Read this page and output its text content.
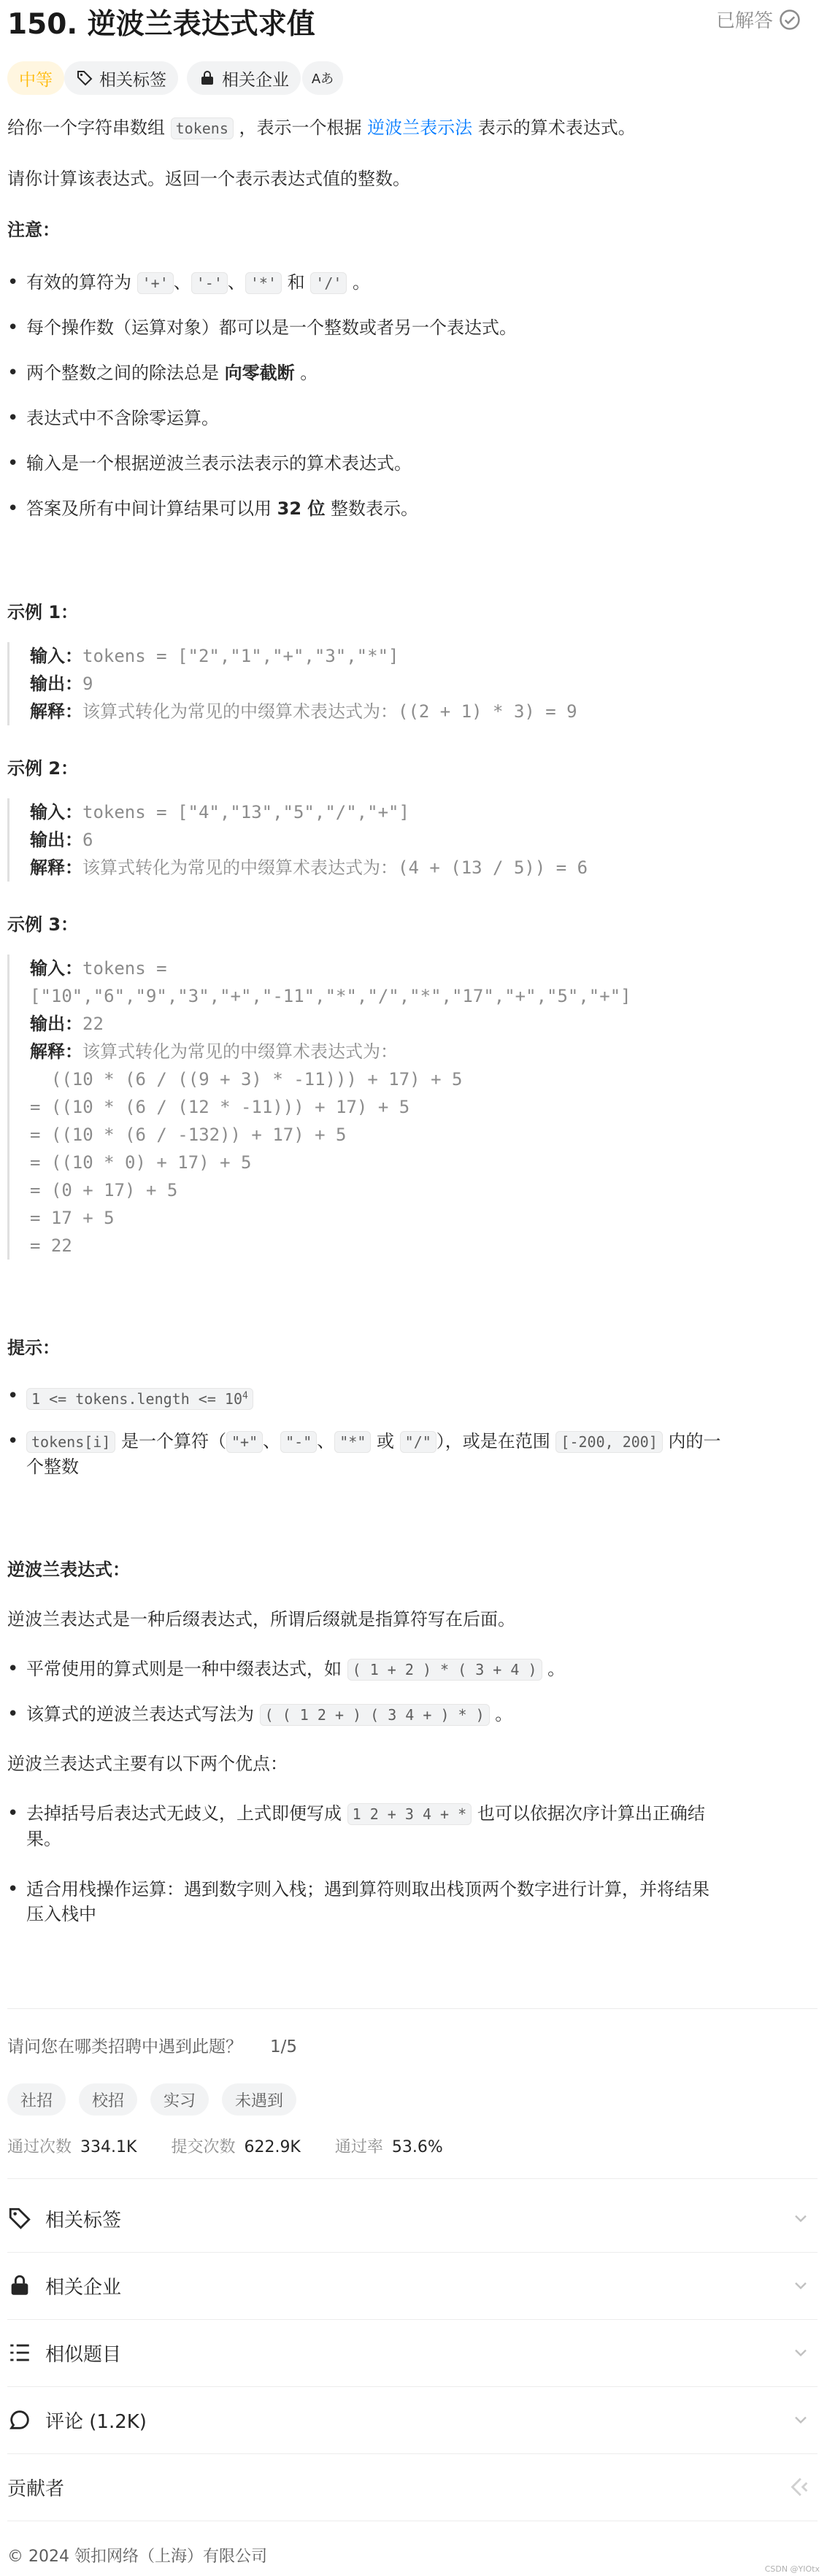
150. 逆波兰表达式求值	已解答
中等	相关标签	相关企业 Aあ
给你一个字符串数组 tokens ，表示一个根据 逆波兰表示法 表示的算术表达式。
请你计算该表达式。返回一个表示表达式值的整数。
注意：
• 有效的算符为 '+' 、 '-' 、 '*' 和 '/' 。
• 每个操作数（运算对象）都可以是一个整数或者另一个表达式。
• 两个整数之间的除法总是 向零截断 。
• 表达式中不含除零运算。
• 输入是一个根据逆波兰表示法表示的算术表达式。
• 答案及所有中间计算结果可以用 32 位 整数表示。
示例 1：
输入：tokens = ["2","1","+","3","*"]
输出：9
解释：该算式转化为常见的中缀算术表达式为：((2 + 1) * 3) = 9
示例 2：
输入：tokens = ["4","13","5","/","+"]
输出：6
解释：该算式转化为常见的中缀算术表达式为：(4 + (13 / 5)) = 6
示例 3：
输入：tokens =
["10","6","9","3","+","-11","*","/","*","17","+","5","+"]
输出：22
解释：该算式转化为常见的中缀算术表达式为：
((10 * (6 / ((9 + 3) * -11))) + 17) + 5
= ((10 * (6 / (12 * -11))) + 17) + 5
= ((10 * (6 / -132)) + 17) + 5
= ((10 * 0) + 17) + 5
= (0 + 17) + 5
= 17 + 5
= 22
提示：
• 1 <= tokens.length <= $10^4$
• tokens[i] 是一个算符（ "+" 、 "-" 、 "*" 或 "/" ），或是在范围 [-200, 200] 内的一
个整数
逆波兰表达式：
逆波兰表达式是一种后缀表达式，所谓后缀就是指算符写在后面。
• 平常使用的算式则是一种中缀表达式，如 ( 1 + 2 ) * ( 3 + 4 ) 。
• 该算式的逆波兰表达式写法为 ( ( 1 2 + ) ( 3 4 + ) * ) 。
逆波兰表达式主要有以下两个优点：
• 去掉括号后表达式无歧义，上式即便写成 1 2 + 3 4 + * 也可以依据次序计算出正确结
果。
• 适合用栈操作运算：遇到数字则入栈；遇到算符则取出栈顶两个数字进行计算，并将结果
压入栈中
请问您在哪类招聘中遇到此题？ 1/5
社招	校招	实习	未遇到
通过次数 334.1K 提交次数 622.9K 通过率 53.6%
相关标签
相关企业
相似题目
评论 (1.2K)
贡献者
© 2024 领扣网络（上海）有限公司
CSDN @YIOtx
